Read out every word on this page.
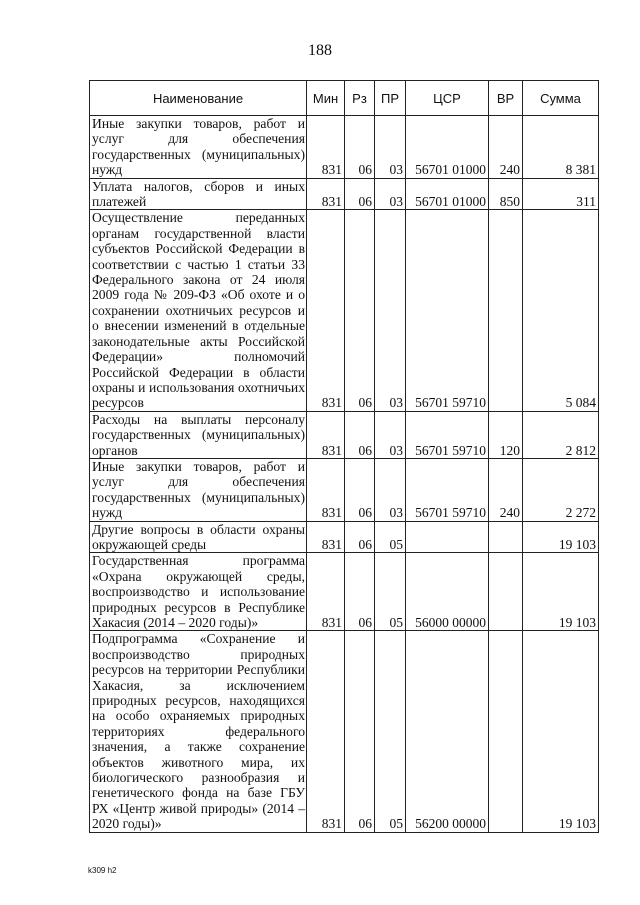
188
Наименование	Мин	Рз	ПР	ЦСР	ВР	Сумма
Иные закупки товаров, работ и услуг для обеспечения государственных (муниципальных) нужд	831	06	03	56701 01000	240	8 381
Уплата налогов, сборов и иных платежей	831	06	03	56701 01000	850	311
Осуществление переданных органам государственной власти субъектов Российской Федерации в соответствии с частью 1 статьи 33 Федерального закона от 24 июля 2009 года № 209-ФЗ «Об охоте и о сохранении охотничьих ресурсов и о внесении изменений в отдельные законодательные акты Российской Федерации» полномочий Российской Федерации в области охраны и использования охотничьих ресурсов	831	06	03	56701 59710		5 084
Расходы на выплаты персоналу государственных (муниципальных) органов	831	06	03	56701 59710	120	2 812
Иные закупки товаров, работ и услуг для обеспечения государственных (муниципальных) нужд	831	06	03	56701 59710	240	2 272
Другие вопросы в области охраны окружающей среды	831	06	05			19 103
Государственная программа «Охрана окружающей среды, воспроизводство и использование природных ресурсов в Республике Хакасия (2014 – 2020 годы)»	831	06	05	56000 00000		19 103
Подпрограмма «Сохранение и воспроизводство природных ресурсов на территории Республики Хакасия, за исключением природных ресурсов, находящихся на особо охраняемых природных территориях федерального значения, а также сохранение объектов животного мира, их биологического разнообразия и генетического фонда на базе ГБУ РХ «Центр живой природы» (2014 – 2020 годы)»	831	06	05	56200 00000		19 103
k309 h2
